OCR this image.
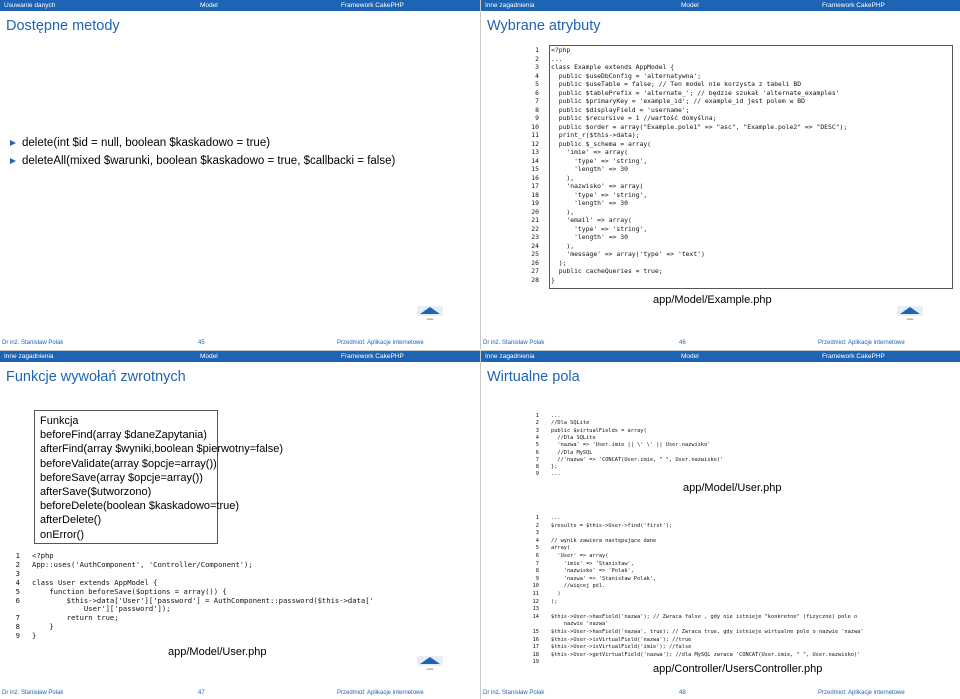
Usuwanie danych	Model	Framework CakePHP
Dostępne metody
delete(int $id = null, boolean $kaskadowo = true)
deleteAll(mixed $warunki, boolean $kaskadowo = true, $callbacki = false)
AGH
Dr inż. Stanisław Polak	45	Przedmiot: Aplikacje internetowe
Inne zagadnienia	Model	Framework CakePHP
Wybrane atrybuty
1 <?php
2 ...
3 class Example extends AppModel {
4 public $useDbConfig = 'alternatywna';
5 public $useTable = false; // Ten model nie korzysta z tabeli BD
6 public $tablePrefix = 'alternate_'; // będzie szukał 'alternate_examples'
7 public $primaryKey = 'example_id'; // example_id jest polem w BD
8 public $displayField = 'username';
9 public $recursive = 1 //wartość domyślna;
10 public $order = array("Example.pole1" => "asc", "Example.pole2" => "DESC");
11 print_r($this->data);
12 public $_schema = array(
13 'imie' => array(
14 'type' => 'string',
15 'length' => 30
16 ),
17 'nazwisko' => array(
18 'type' => 'string',
19 'length' => 30
20 ),
21 'email' => array(
22 'type' => 'string',
23 'length' => 30
24 ),
25 'message' => array('type' => 'text')
26 );
27 public cacheQueries = true;
28 }
app/Model/Example.php
AGH
Dr inż. Stanisław Polak	46	Przedmiot: Aplikacje internetowe
Inne zagadnienia	Model	Framework CakePHP
Funkcje wywołań zwrotnych
Funkcja
beforeFind(array $daneZapytania)
afterFind(array $wyniki,boolean $pierwotny=false)
beforeValidate(array $opcje=array())
beforeSave(array $opcje=array())
afterSave($utworzono)
beforeDelete(boolean $kaskadowo=true)
afterDelete()
onError()
1 <?php
2 App::uses('AuthComponent', 'Controller/Component');
3
4 class User extends AppModel {
5 function beforeSave($options = array()) {
6 $this->data['User']['password'] = AuthComponent::password($this->data['
User']['password']);
7 return true;
8 }
9 }
app/Model/User.php
AGH
Dr inż. Stanisław Polak	47	Przedmiot: Aplikacje internetowe
Inne zagadnienia	Model	Framework CakePHP
Wirtualne pola
1 ...
2 //Dla SQLite
3 public $virtualFields = array(
4 //Dla SQLite
5 'nazwa' => 'User.imie || \' \' || User.nazwisko'
6 //Dla MySQL
7 //'nazwa' => 'CONCAT(User.imie, " ", User.nazwisko)'
8 };
9 ...
app/Model/User.php
1 ...
2 $results = $this->User->find('first');
3
4 // wynik zawiera następujące dane
5 array(
6 'User' => array(
7 'imie' => 'Stanisław',
8 'nazwisko' => 'Polak',
9 'nazwa' => 'Stanisław Polak',
10 //więcej pól.
11 )
12 );
13
14 $this->User->hasField('nazwa'); // Zwraca false , gdy nie istnieje "konkretne" (fizyczne) pole o
nazwie 'nazwa'
15 $this->User->hasField('nazwa', true); // Zwraca true, gdy istnieje wirtualne pole o nazwie 'nazwa'
16 $this->User->isVirtualField('nazwa'); //true
17 $this->User->isVirtualField('imie'); //false
18 $this->User->getVirtualField('nazwa'); //dla MySQL zwraca 'CONCAT(User.imie, " ", User.nazwisko)'
19
app/Controller/UsersController.php
Dr inż. Stanisław Polak	48	Przedmiot: Aplikacje internetowe
